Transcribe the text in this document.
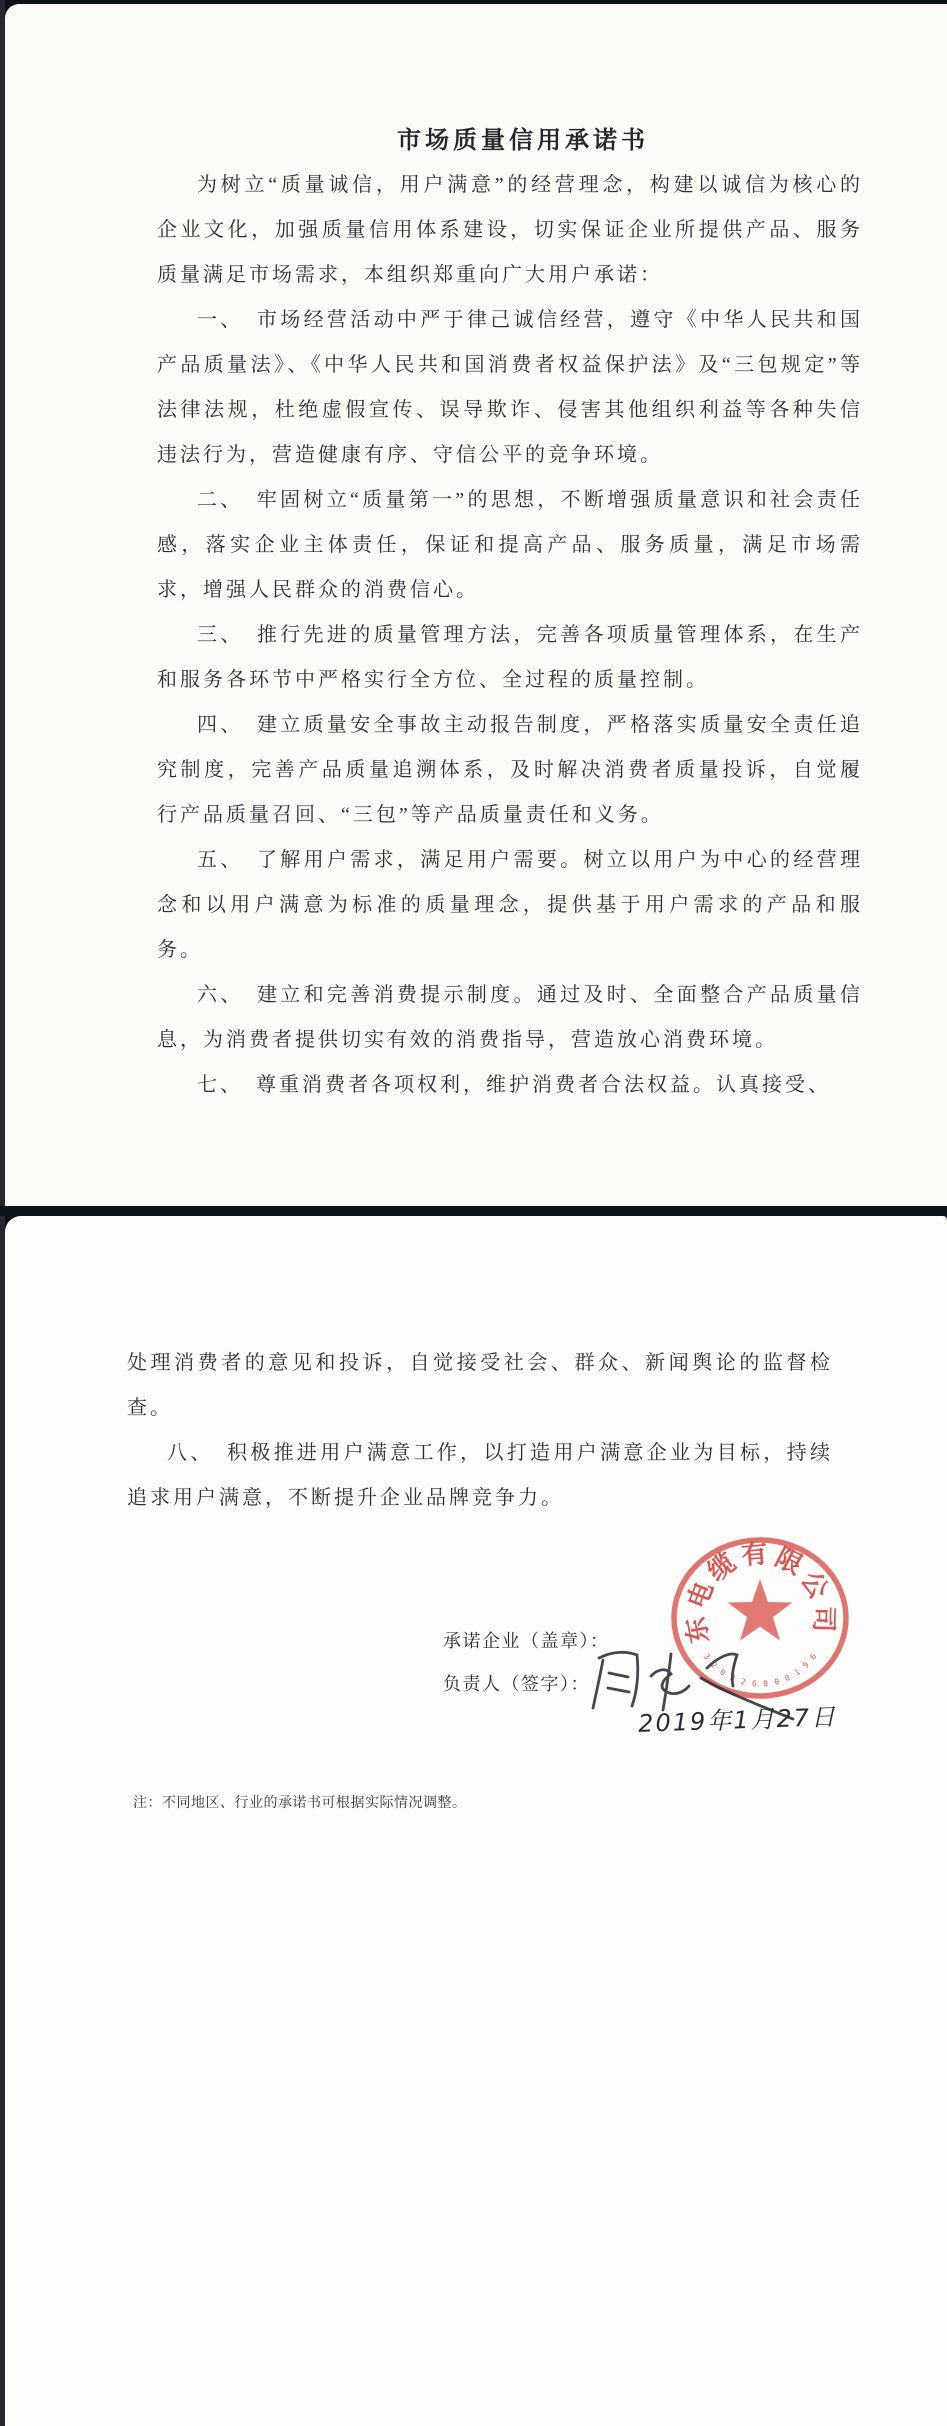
市场质量信用承诺书

为树立“质量诚信，用户满意”的经营理念，构建以诚信为核心的企业文化，加强质量信用体系建设，切实保证企业所提供产品、服务质量满足市场需求，本组织郑重向广大用户承诺：

一、　市场经营活动中严于律己诚信经营，遵守《中华人民共和国产品质量法》、《中华人民共和国消费者权益保护法》及“三包规定”等法律法规，杜绝虚假宣传、误导欺诈、侵害其他组织利益等各种失信违法行为，营造健康有序、守信公平的竞争环境。

二、　牢固树立“质量第一”的思想，不断增强质量意识和社会责任感，落实企业主体责任，保证和提高产品、服务质量，满足市场需求，增强人民群众的消费信心。

三、　推行先进的质量管理方法，完善各项质量管理体系，在生产和服务各环节中严格实行全方位、全过程的质量控制。

四、　建立质量安全事故主动报告制度，严格落实质量安全责任追究制度，完善产品质量追溯体系，及时解决消费者质量投诉，自觉履行产品质量召回、“三包”等产品质量责任和义务。

五、　了解用户需求，满足用户需要。树立以用户为中心的经营理念和以用户满意为标准的质量理念，提供基于用户需求的产品和服务。

六、　建立和完善消费提示制度。通过及时、全面整合产品质量信息，为消费者提供切实有效的消费指导，营造放心消费环境。

七、　尊重消费者各项权利，维护消费者合法权益。认真接受、

处理消费者的意见和投诉，自觉接受社会、群众、新闻舆论的监督检查。

八、　积极推进用户满意工作，以打造用户满意企业为目标，持续追求用户满意，不断提升企业品牌竞争力。

承诺企业（盖章）：
负责人（签字）：
东
电
缆
有 限
公
司
3
2
0
2 2 6 8 0 0
1
9
6
2019年1月27日
注：不同地区、行业的承诺书可根据实际情况调整。
